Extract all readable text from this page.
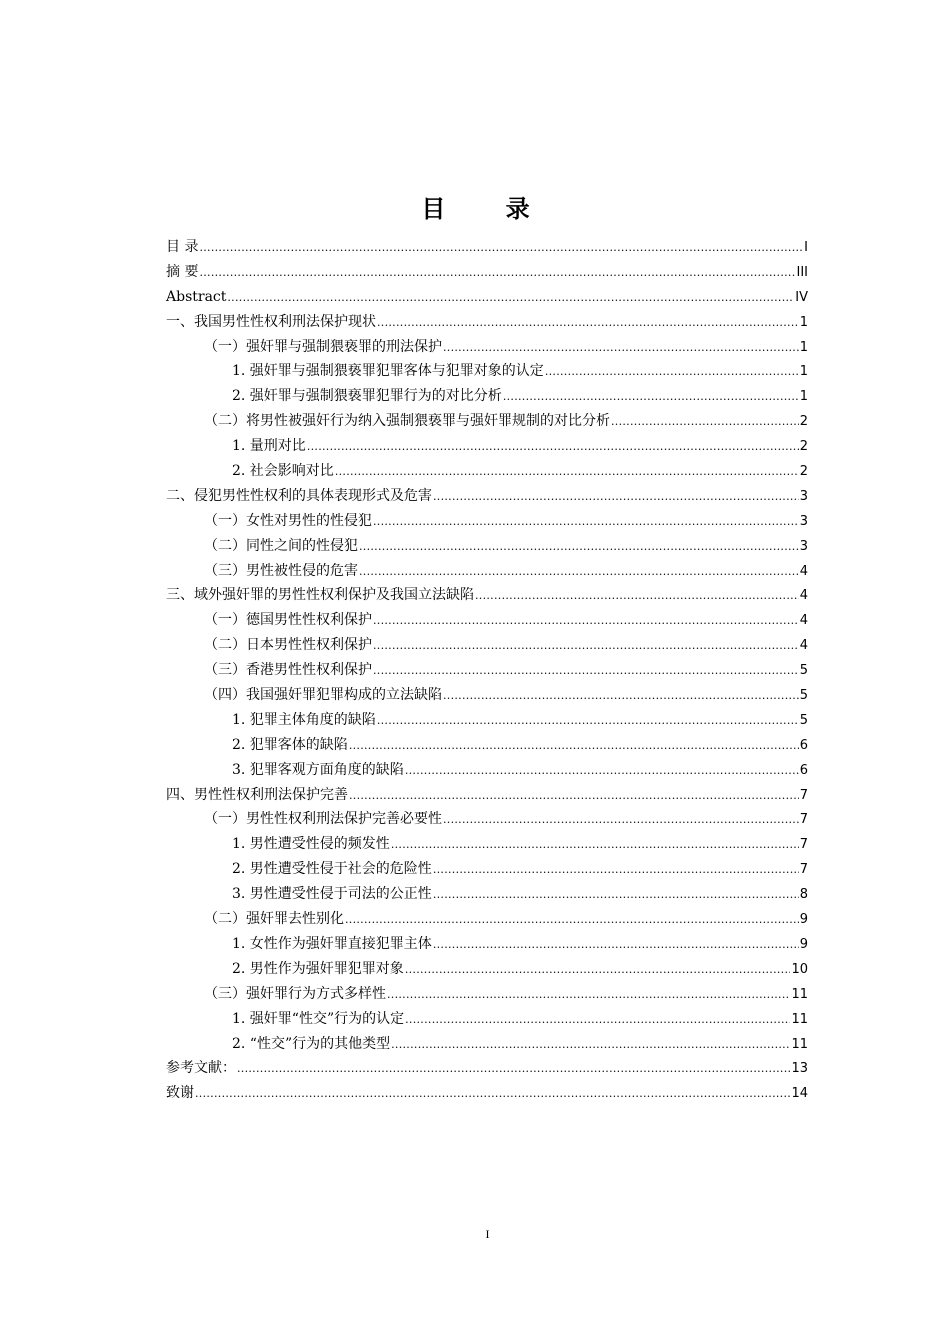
目 录
目 录 .....	I
摘 要 .....	III
Abstract .....	IV
一、我国男性性权利刑法保护现状 .....	1
（一）强奸罪与强制猥亵罪的刑法保护 .....	1
1. 强奸罪与强制猥亵罪犯罪客体与犯罪对象的认定 .....	1
2. 强奸罪与强制猥亵罪犯罪行为的对比分析 .....	1
（二）将男性被强奸行为纳入强制猥亵罪与强奸罪规制的对比分析 .....	2
1. 量刑对比 .....	2
2. 社会影响对比 .....	2
二、侵犯男性性权利的具体表现形式及危害 .....	3
（一）女性对男性的性侵犯 .....	3
（二）同性之间的性侵犯 .....	3
（三）男性被性侵的危害 .....	4
三、域外强奸罪的男性性权利保护及我国立法缺陷 .....	4
（一）德国男性性权利保护 .....	4
（二）日本男性性权利保护 .....	4
（三）香港男性性权利保护 .....	5
（四）我国强奸罪犯罪构成的立法缺陷 .....	5
1. 犯罪主体角度的缺陷 .....	5
2. 犯罪客体的缺陷 .....	6
3. 犯罪客观方面角度的缺陷 .....	6
四、男性性权利刑法保护完善 .....	7
（一）男性性权利刑法保护完善必要性 .....	7
1. 男性遭受性侵的频发性 .....	7
2. 男性遭受性侵于社会的危险性 .....	7
3. 男性遭受性侵于司法的公正性 .....	8
（二）强奸罪去性别化 .....	9
1. 女性作为强奸罪直接犯罪主体 .....	9
2. 男性作为强奸罪犯罪对象 .....	10
（三）强奸罪行为方式多样性 .....	11
1. 强奸罪“性交”行为的认定 .....	11
2. “性交”行为的其他类型 .....	11
参考文献： .....	13
致谢 .....	14
I
